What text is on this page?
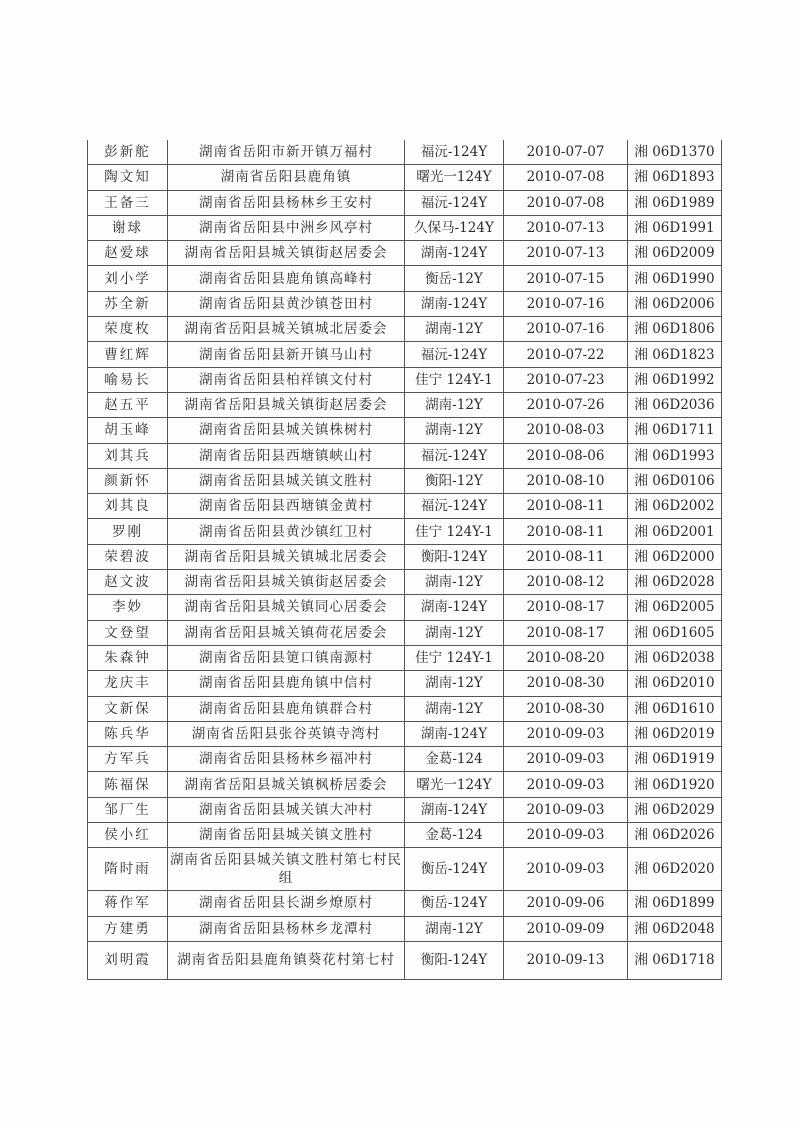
彭新舵	湖南省岳阳市新开镇万福村	福沅-124Y	2010-07-07	湘 06D1370
陶文知	湖南省岳阳县鹿角镇	曙光一124Y	2010-07-08	湘 06D1893
王备三	湖南省岳阳县杨林乡王安村	福沅-124Y	2010-07-08	湘 06D1989
谢球	湖南省岳阳县中洲乡风亭村	久保马-124Y	2010-07-13	湘 06D1991
赵爱球	湖南省岳阳县城关镇街赵居委会	湖南-124Y	2010-07-13	湘 06D2009
刘小学	湖南省岳阳县鹿角镇高峰村	衡岳-12Y	2010-07-15	湘 06D1990
苏全新	湖南省岳阳县黄沙镇苍田村	湖南-124Y	2010-07-16	湘 06D2006
荣度枚	湖南省岳阳县城关镇城北居委会	湖南-12Y	2010-07-16	湘 06D1806
曹红辉	湖南省岳阳县新开镇马山村	福沅-124Y	2010-07-22	湘 06D1823
喻易长	湖南省岳阳县柏祥镇文付村	佳宁 124Y-1	2010-07-23	湘 06D1992
赵五平	湖南省岳阳县城关镇街赵居委会	湖南-12Y	2010-07-26	湘 06D2036
胡玉峰	湖南省岳阳县城关镇株树村	湖南-12Y	2010-08-03	湘 06D1711
刘其兵	湖南省岳阳县西塘镇峡山村	福沅-124Y	2010-08-06	湘 06D1993
颜新怀	湖南省岳阳县城关镇文胜村	衡阳-12Y	2010-08-10	湘 06D0106
刘其良	湖南省岳阳县西塘镇金黄村	福沅-124Y	2010-08-11	湘 06D2002
罗刚	湖南省岳阳县黄沙镇红卫村	佳宁 124Y-1	2010-08-11	湘 06D2001
荣碧波	湖南省岳阳县城关镇城北居委会	衡阳-124Y	2010-08-11	湘 06D2000
赵文波	湖南省岳阳县城关镇街赵居委会	湖南-12Y	2010-08-12	湘 06D2028
李妙	湖南省岳阳县城关镇同心居委会	湖南-124Y	2010-08-17	湘 06D2005
文登望	湖南省岳阳县城关镇荷花居委会	湖南-12Y	2010-08-17	湘 06D1605
朱森钟	湖南省岳阳县筻口镇南源村	佳宁 124Y-1	2010-08-20	湘 06D2038
龙庆丰	湖南省岳阳县鹿角镇中信村	湖南-12Y	2010-08-30	湘 06D2010
文新保	湖南省岳阳县鹿角镇群合村	湖南-12Y	2010-08-30	湘 06D1610
陈兵华	湖南省岳阳县张谷英镇寺湾村	湖南-124Y	2010-09-03	湘 06D2019
方军兵	湖南省岳阳县杨林乡福冲村	金葛-124	2010-09-03	湘 06D1919
陈福保	湖南省岳阳县城关镇枫桥居委会	曙光一124Y	2010-09-03	湘 06D1920
邹厂生	湖南省岳阳县城关镇大冲村	湖南-124Y	2010-09-03	湘 06D2029
侯小红	湖南省岳阳县城关镇文胜村	金葛-124	2010-09-03	湘 06D2026
隋时雨	湖南省岳阳县城关镇文胜村第七村民组	衡岳-124Y	2010-09-03	湘 06D2020
蒋作军	湖南省岳阳县长湖乡燎原村	衡岳-124Y	2010-09-06	湘 06D1899
方建勇	湖南省岳阳县杨林乡龙潭村	湖南-12Y	2010-09-09	湘 06D2048
刘明霞	湖南省岳阳县鹿角镇葵花村第七村	衡阳-124Y	2010-09-13	湘 06D1718
